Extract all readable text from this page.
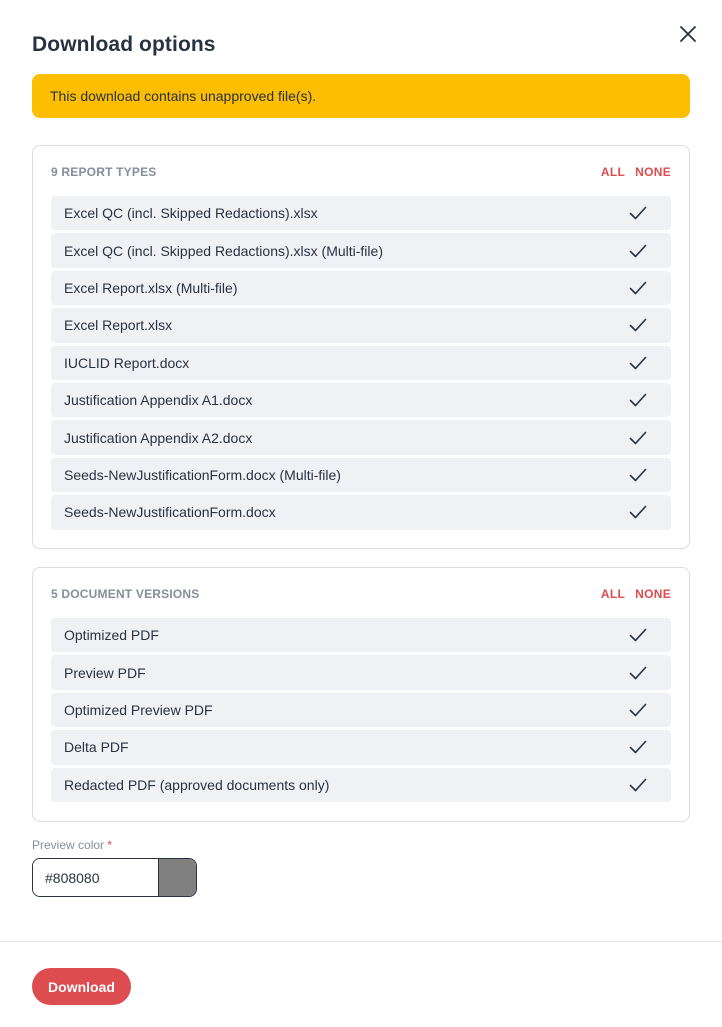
Download options
This download contains unapproved file(s).
9 REPORT TYPES	ALL NONE
Excel QC (incl. Skipped Redactions).xlsx
Excel QC (incl. Skipped Redactions).xlsx (Multi-file)
Excel Report.xlsx (Multi-file)
Excel Report.xlsx
IUCLID Report.docx
Justification Appendix A1.docx
Justification Appendix A2.docx
Seeds-NewJustificationForm.docx (Multi-file)
Seeds-NewJustificationForm.docx
5 DOCUMENT VERSIONS	ALL NONE
Optimized PDF
Preview PDF
Optimized Preview PDF
Delta PDF
Redacted PDF (approved documents only)
Preview color *
#808080
Download
